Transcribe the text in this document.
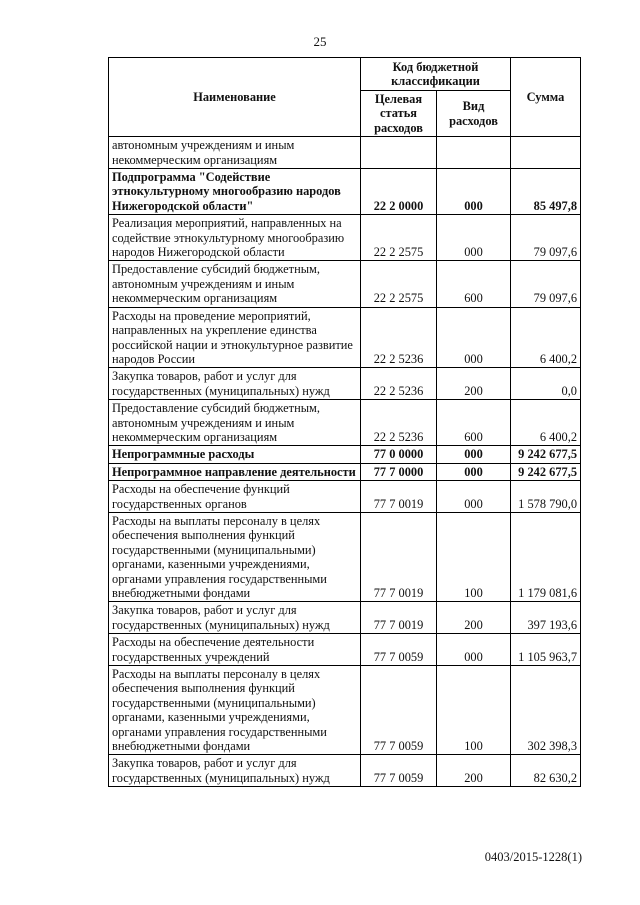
25
Наименование	Код бюджетной классификации		Сумма
	Целевая статья расходов	Вид расходов	
автономным учреждениям и иным некоммерческим организациям			
Подпрограмма "Содействие этнокультурному многообразию народов Нижегородской области"	22 2 0000	000	85 497,8
Реализация мероприятий, направленных на содействие этнокультурному многообразию народов Нижегородской области	22 2 2575	000	79 097,6
Предоставление субсидий бюджетным, автономным учреждениям и иным некоммерческим организациям	22 2 2575	600	79 097,6
Расходы на проведение мероприятий, направленных на укрепление единства российской нации и этнокультурное развитие народов России	22 2 5236	000	6 400,2
Закупка товаров, работ и услуг для государственных (муниципальных) нужд	22 2 5236	200	0,0
Предоставление субсидий бюджетным, автономным учреждениям и иным некоммерческим организациям	22 2 5236	600	6 400,2
Непрограммные расходы	77 0 0000	000	9 242 677,5
Непрограммное направление деятельности	77 7 0000	000	9 242 677,5
Расходы на обеспечение функций государственных органов	77 7 0019	000	1 578 790,0
Расходы на выплаты персоналу в целях обеспечения выполнения функций государственными (муниципальными) органами, казенными учреждениями, органами управления государственными внебюджетными фондами	77 7 0019	100	1 179 081,6
Закупка товаров, работ и услуг для государственных (муниципальных) нужд	77 7 0019	200	397 193,6
Расходы на обеспечение деятельности государственных учреждений	77 7 0059	000	1 105 963,7
Расходы на выплаты персоналу в целях обеспечения выполнения функций государственными (муниципальными) органами, казенными учреждениями, органами управления государственными внебюджетными фондами	77 7 0059	100	302 398,3
Закупка товаров, работ и услуг для государственных (муниципальных) нужд	77 7 0059	200	82 630,2
0403/2015-1228(1)
